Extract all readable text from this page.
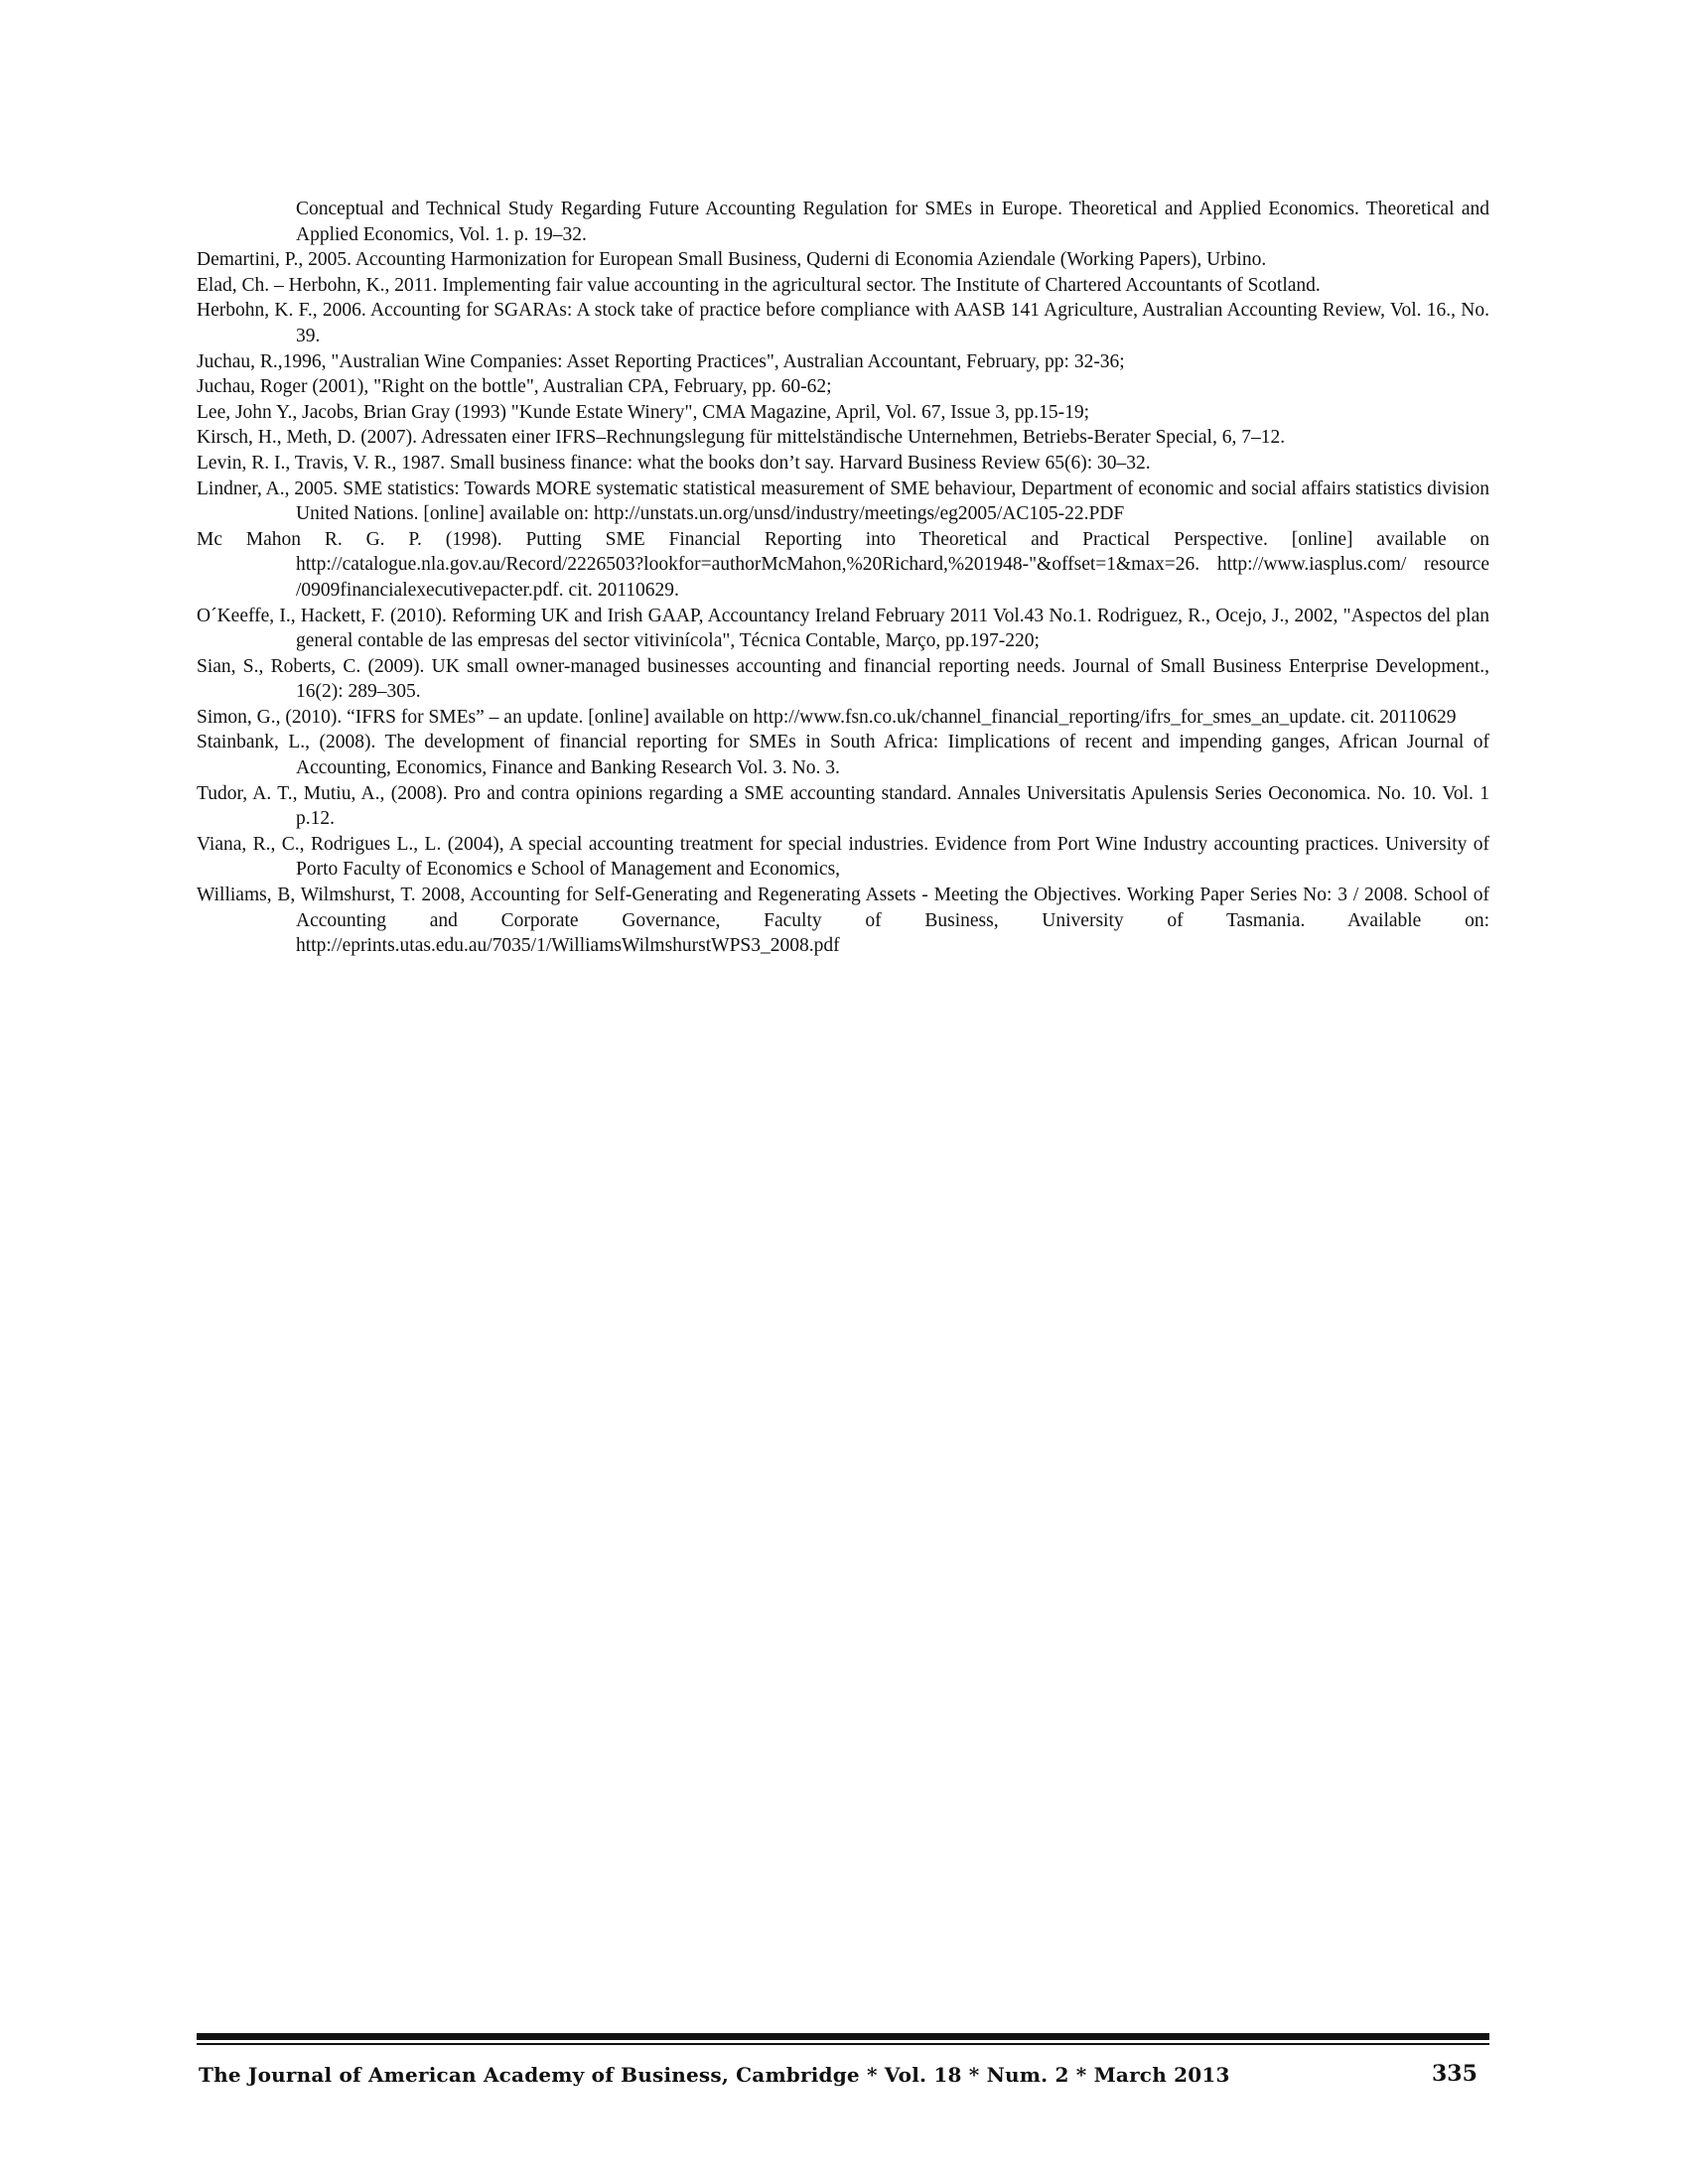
Conceptual and Technical Study Regarding Future Accounting Regulation for SMEs in Europe. Theoretical and Applied Economics. Theoretical and Applied Economics, Vol. 1. p. 19–32.

Demartini, P., 2005. Accounting Harmonization for European Small Business, Quderni di Economia Aziendale (Working Papers), Urbino.

Elad, Ch. – Herbohn, K., 2011. Implementing fair value accounting in the agricultural sector. The Institute of Chartered Accountants of Scotland.

Herbohn, K. F., 2006. Accounting for SGARAs: A stock take of practice before compliance with AASB 141 Agriculture, Australian Accounting Review, Vol. 16., No. 39.

Juchau, R.,1996, "Australian Wine Companies: Asset Reporting Practices", Australian Accountant, February, pp: 32-36;

Juchau, Roger (2001), "Right on the bottle", Australian CPA, February, pp. 60-62;

Lee, John Y., Jacobs, Brian Gray (1993) "Kunde Estate Winery", CMA Magazine, April, Vol. 67, Issue 3, pp.15-19;

Kirsch, H., Meth, D. (2007). Adressaten einer IFRS–Rechnungslegung für mittelständische Unternehmen, Betriebs-Berater Special, 6, 7–12.

Levin, R. I., Travis, V. R., 1987. Small business finance: what the books don’t say. Harvard Business Review 65(6): 30–32.

Lindner, A., 2005. SME statistics: Towards MORE systematic statistical measurement of SME behaviour, Department of economic and social affairs statistics division United Nations. [online] available on: http://unstats.un.org/unsd/industry/meetings/eg2005/AC105-22.PDF

Mc Mahon R. G. P. (1998). Putting SME Financial Reporting into Theoretical and Practical Perspective. [online] available on http://catalogue.nla.gov.au/Record/2226503?lookfor=authorMcMahon,%20Richard,%201948-"&offset=1&max=26. http://www.iasplus.com/ resource /0909financialexecutivepacter.pdf. cit. 20110629.

O´Keeffe, I., Hackett, F. (2010). Reforming UK and Irish GAAP, Accountancy Ireland February 2011 Vol.43 No.1. Rodriguez, R., Ocejo, J., 2002, "Aspectos del plan general contable de las empresas del sector vitivinícola", Técnica Contable, Março, pp.197-220;

Sian, S., Roberts, C. (2009). UK small owner-managed businesses accounting and financial reporting needs. Journal of Small Business Enterprise Development., 16(2): 289–305.

Simon, G., (2010). “IFRS for SMEs” – an update. [online] available on http://www.fsn.co.uk/channel_financial_reporting/ifrs_for_smes_an_update. cit. 20110629

Stainbank, L., (2008). The development of financial reporting for SMEs in South Africa: Iimplications of recent and impending ganges, African Journal of Accounting, Economics, Finance and Banking Research Vol. 3. No. 3.

Tudor, A. T., Mutiu, A., (2008). Pro and contra opinions regarding a SME accounting standard. Annales Universitatis Apulensis Series Oeconomica. No. 10. Vol. 1 p.12.

Viana, R., C., Rodrigues L., L. (2004), A special accounting treatment for special industries. Evidence from Port Wine Industry accounting practices. University of Porto Faculty of Economics e School of Management and Economics,

Williams, B, Wilmshurst, T. 2008, Accounting for Self-Generating and Regenerating Assets - Meeting the Objectives. Working Paper Series No: 3 / 2008. School of Accounting and Corporate Governance, Faculty of Business, University of Tasmania. Available on: http://eprints.utas.edu.au/7035/1/WilliamsWilmshurstWPS3_2008.pdf

The Journal of American Academy of Business, Cambridge * Vol. 18 * Num. 2 * March 2013	335
